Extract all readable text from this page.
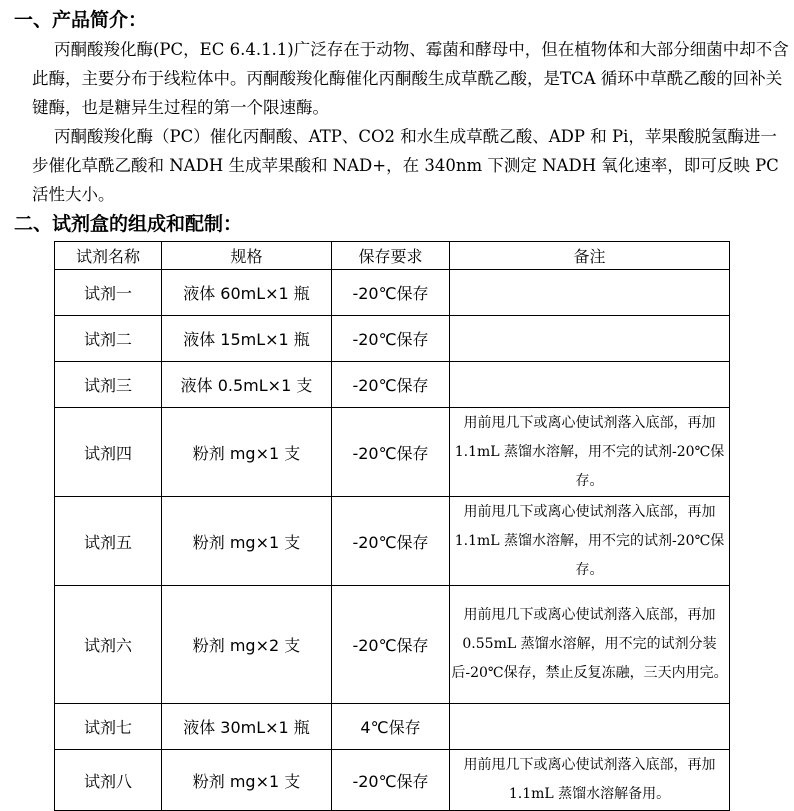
一、产品简介：

丙酮酸羧化酶(PC，EC 6.4.1.1)广泛存在于动物、霉菌和酵母中，但在植物体和大部分细菌中却不含此酶，主要分布于线粒体中。丙酮酸羧化酶催化丙酮酸生成草酰乙酸，是TCA 循环中草酰乙酸的回补关键酶，也是糖异生过程的第一个限速酶。

丙酮酸羧化酶（PC）催化丙酮酸、ATP、CO2 和水生成草酰乙酸、ADP 和 Pi，苹果酸脱氢酶进一步催化草酰乙酸和 NADH 生成苹果酸和 NAD+，在 340nm 下测定 NADH 氧化速率，即可反映 PC 活性大小。

二、试剂盒的组成和配制：
试剂名称	规格	保存要求	备注
试剂一	液体 60mL×1 瓶	-20℃保存	
试剂二	液体 15mL×1 瓶	-20℃保存	
试剂三	液体 0.5mL×1 支	-20℃保存	
试剂四	粉剂 mg×1 支	-20℃保存	用前甩几下或离心使试剂落入底部，再加 1.1mL 蒸馏水溶解，用不完的试剂-20℃保存。
试剂五	粉剂 mg×1 支	-20℃保存	用前甩几下或离心使试剂落入底部，再加 1.1mL 蒸馏水溶解，用不完的试剂-20℃保存。
试剂六	粉剂 mg×2 支	-20℃保存	用前甩几下或离心使试剂落入底部，再加 0.55mL 蒸馏水溶解，用不完的试剂分装后-20℃保存，禁止反复冻融，三天内用完。
试剂七	液体 30mL×1 瓶	4℃保存	
试剂八	粉剂 mg×1 支	-20℃保存	用前甩几下或离心使试剂落入底部，再加 1.1mL 蒸馏水溶解备用。
